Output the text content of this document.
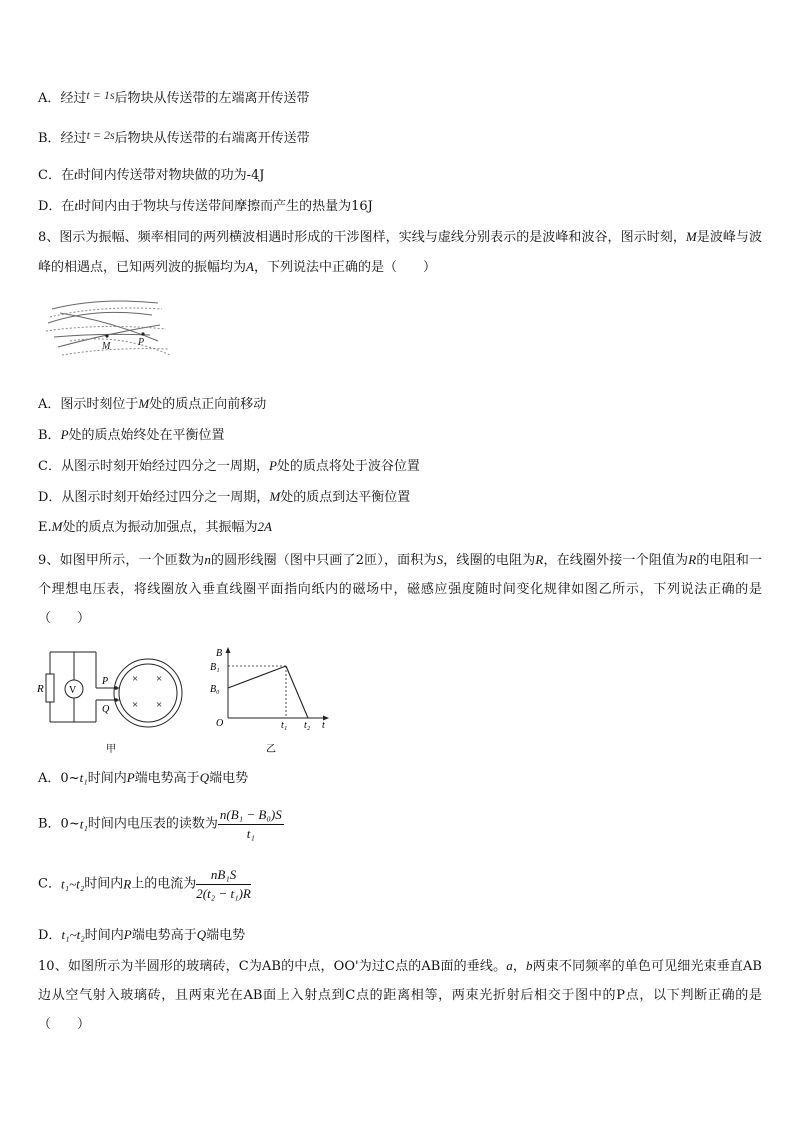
A．经过t = 1s后物块从传送带的左端离开传送带
B．经过t = 2s后物块从传送带的右端离开传送带
C．在t时间内传送带对物块做的功为-4J
D．在t时间内由于物块与传送带间摩擦而产生的热量为16J
8、图示为振幅、频率相同的两列横波相遇时形成的干涉图样，实线与虚线分别表示的是波峰和波谷，图示时刻，M是波峰与波峰的相遇点，已知两列波的振幅均为A，下列说法中正确的是（　　）
M	P
A．图示时刻位于M处的质点正向前移动
B．P处的质点始终处在平衡位置
C．从图示时刻开始经过四分之一周期，P处的质点将处于波谷位置
D．从图示时刻开始经过四分之一周期，M处的质点到达平衡位置
E.M处的质点为振动加强点，其振幅为2A
9、如图甲所示，一个匝数为n的圆形线圈（图中只画了2匝），面积为S，线圈的电阻为R，在线圈外接一个阻值为R的电阻和一个理想电压表，将线圈放入垂直线圈平面指向纸内的磁场中，磁感应强度随时间变化规律如图乙所示，下列说法正确的是（　　）
R	V
P
Q
× ×
× ×
甲
B
B₁
B₀
O	t₁ t₂ t
乙
A．0~t₁时间内P端电势高于Q端电势
B．0~t₁时间内电压表的读数为 $\frac{\text{n(B₁ − B₀)S}}{\text{t₁}}$
C．t₁~t₂时间内R上的电流为 $\frac{\text{nB₁S}}{\text{2(t₂ − t₁)R}}$
D．t₁~t₂时间内P端电势高于Q端电势
10、如图所示为半圆形的玻璃砖，C为AB的中点，OO'为过C点的AB面的垂线。a，b两束不同频率的单色可见细光束垂直AB边从空气射入玻璃砖，且两束光在AB面上入射点到C点的距离相等，两束光折射后相交于图中的P点，以下判断正确的是（　　）
